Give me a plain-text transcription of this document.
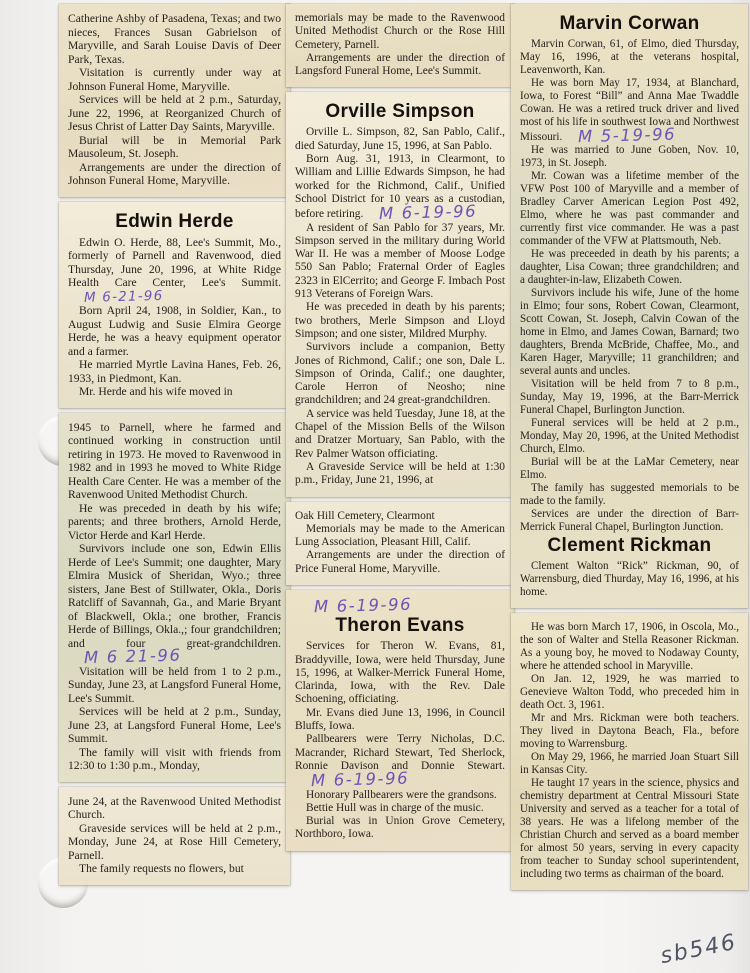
Catherine Ashby of Pasadena, Texas; and two nieces, Frances Susan Gabrielson of Maryville, and Sarah Louise Davis of Deer Park, Texas.

Visitation is currently under way at Johnson Funeral Home, Maryville.

Services will be held at 2 p.m., Saturday, June 22, 1996, at Reorganized Church of Jesus Christ of Latter Day Saints, Maryville.

Burial will be in Memorial Park Mausoleum, St. Joseph.

Arrangements are under the direction of Johnson Funeral Home, Maryville.

Edwin Herde

Edwin O. Herde, 88, Lee's Summit, Mo., formerly of Parnell and Ravenwood, died Thursday, June 20, 1996, at White Ridge Health Care Center, Lee's Summit.M 6-21-96

Born April 24, 1908, in Soldier, Kan., to August Ludwig and Susie Elmira George Herde, he was a heavy equipment operator and a farmer.

He married Myrtle Lavina Hanes, Feb. 26, 1933, in Piedmont, Kan.

Mr. Herde and his wife moved in

1945 to Parnell, where he farmed and continued working in construction until retiring in 1973. He moved to Ravenwood in 1982 and in 1993 he moved to White Ridge Health Care Center. He was a member of the Ravenwood United Methodist Church.

He was preceded in death by his wife; parents; and three brothers, Arnold Herde, Victor Herde and Karl Herde.

Survivors include one son, Edwin Ellis Herde of Lee's Summit; one daughter, Mary Elmira Musick of Sheridan, Wyo.; three sisters, Jane Best of Stillwater, Okla., Doris Ratcliff of Savannah, Ga., and Marie Bryant of Blackwell, Okla.; one brother, Francis Herde of Billings, Okla.,; four grandchildren; and four great-grandchildren.M 6 21-96

Visitation will be held from 1 to 2 p.m., Sunday, June 23, at Langsford Funeral Home, Lee's Summit.

Services will be held at 2 p.m., Sunday, June 23, at Langsford Funeral Home, Lee's Summit.

The family will visit with friends from 12:30 to 1:30 p.m., Monday,

June 24, at the Ravenwood United Methodist Church.

Graveside services will be held at 2 p.m., Monday, June 24, at Rose Hill Cemetery, Parnell.

The family requests no flowers, but

memorials may be made to the Ravenwood United Methodist Church or the Rose Hill Cemetery, Parnell.

Arrangements are under the direction of Langsford Funeral Home, Lee's Summit.

Orville Simpson

Orville L. Simpson, 82, San Pablo, Calif., died Saturday, June 15, 1996, at San Pablo.

Born Aug. 31, 1913, in Clearmont, to William and Lillie Edwards Simpson, he had worked for the Richmond, Calif., Unified School District for 10 years as a custodian, before retiring. M 6-19-96

A resident of San Pablo for 37 years, Mr. Simpson served in the military during World War II. He was a member of Moose Lodge 550 San Pablo; Fraternal Order of Eagles 2323 in ElCerrito; and George F. Imbach Post 913 Veterans of Foreign Wars.

He was preceded in death by his parents; two brothers, Merle Simpson and Lloyd Simpson; and one sister, Mildred Murphy.

Survivors include a companion, Betty Jones of Richmond, Calif.; one son, Dale L. Simpson of Orinda, Calif.; one daughter, Carole Herron of Neosho; nine grandchildren; and 24 great-grandchildren.

A service was held Tuesday, June 18, at the Chapel of the Mission Bells of the Wilson and Dratzer Mortuary, San Pablo, with the Rev Palmer Watson officiating.

A Graveside Service will be held at 1:30 p.m., Friday, June 21, 1996, at

Oak Hill Cemetery, Clearmont

Memorials may be made to the American Lung Association, Pleasant Hill, Calif.

Arrangements are under the direction of Price Funeral Home, Maryville.

M 6-19-96
Theron Evans

Services for Theron W. Evans, 81, Braddyville, Iowa, were held Thursday, June 15, 1996, at Walker-Merrick Funeral Home, Clarinda, Iowa, with the Rev. Dale Schoening, officiating.

Mr. Evans died June 13, 1996, in Council Bluffs, Iowa.

Pallbearers were Terry Nicholas, D.C. Macrander, Richard Stewart, Ted Sherlock, Ronnie Davison and Donnie Stewart.M 6-19-96

Honorary Pallbearers were the grandsons.

Bettie Hull was in charge of the music.

Burial was in Union Grove Cemetery, Northboro, Iowa.

Marvin Corwan

Marvin Corwan, 61, of Elmo, died Thursday, May 16, 1996, at the veterans hospital, Leavenworth, Kan.

He was born May 17, 1934, at Blanchard, Iowa, to Forest “Bill” and Anna Mae Twaddle Cowan. He was a retired truck driver and lived most of his life in southwest Iowa and Northwest Missouri. M 5-19-96

He was married to June Goben, Nov. 10, 1973, in St. Joseph.

Mr. Cowan was a lifetime member of the VFW Post 100 of Maryville and a member of Bradley Carver American Legion Post 492, Elmo, where he was past commander and currently first vice commander. He was a past commander of the VFW at Plattsmouth, Neb.

He was preceeded in death by his parents; a daughter, Lisa Cowan; three grandchildren; and a daughter-in-law, Elizabeth Cowen.

Survivors include his wife, June of the home in Elmo; four sons, Robert Cowan, Clearmont, Scott Cowan, St. Joseph, Calvin Cowan of the home in Elmo, and James Cowan, Barnard; two daughters, Brenda McBride, Chaffee, Mo., and Karen Hager, Maryville; 11 granchildren; and several aunts and uncles.

Visitation will be held from 7 to 8 p.m., Sunday, May 19, 1996, at the Barr-Merrick Funeral Chapel, Burlington Junction.

Funeral services will be held at 2 p.m., Monday, May 20, 1996, at the United Methodist Church, Elmo.

Burial will be at the LaMar Cemetery, near Elmo.

The family has suggested memorials to be made to the family.

Services are under the direction of Barr-Merrick Funeral Chapel, Burlington Junction.

Clement Rickman

Clement Walton “Rick” Rickman, 90, of Warrensburg, died Thurday, May 16, 1996, at his home.

He was born March 17, 1906, in Oscola, Mo., the son of Walter and Stella Reasoner Rickman. As a young boy, he moved to Nodaway County, where he attended school in Maryville.

On Jan. 12, 1929, he was married to Genevieve Walton Todd, who preceded him in death Oct. 3, 1961.

Mr and Mrs. Rickman were both teachers. They lived in Daytona Beach, Fla., before moving to Warrensburg.

On May 29, 1966, he married Joan Stuart Sill in Kansas City.

He taught 17 years in the science, physics and chemistry department at Central Missouri State University and served as a teacher for a total of 38 years. He was a lifelong member of the Christian Church and served as a board member for almost 50 years, serving in every capacity from teacher to Sunday school superintendent, including two terms as chairman of the board.

sb546
